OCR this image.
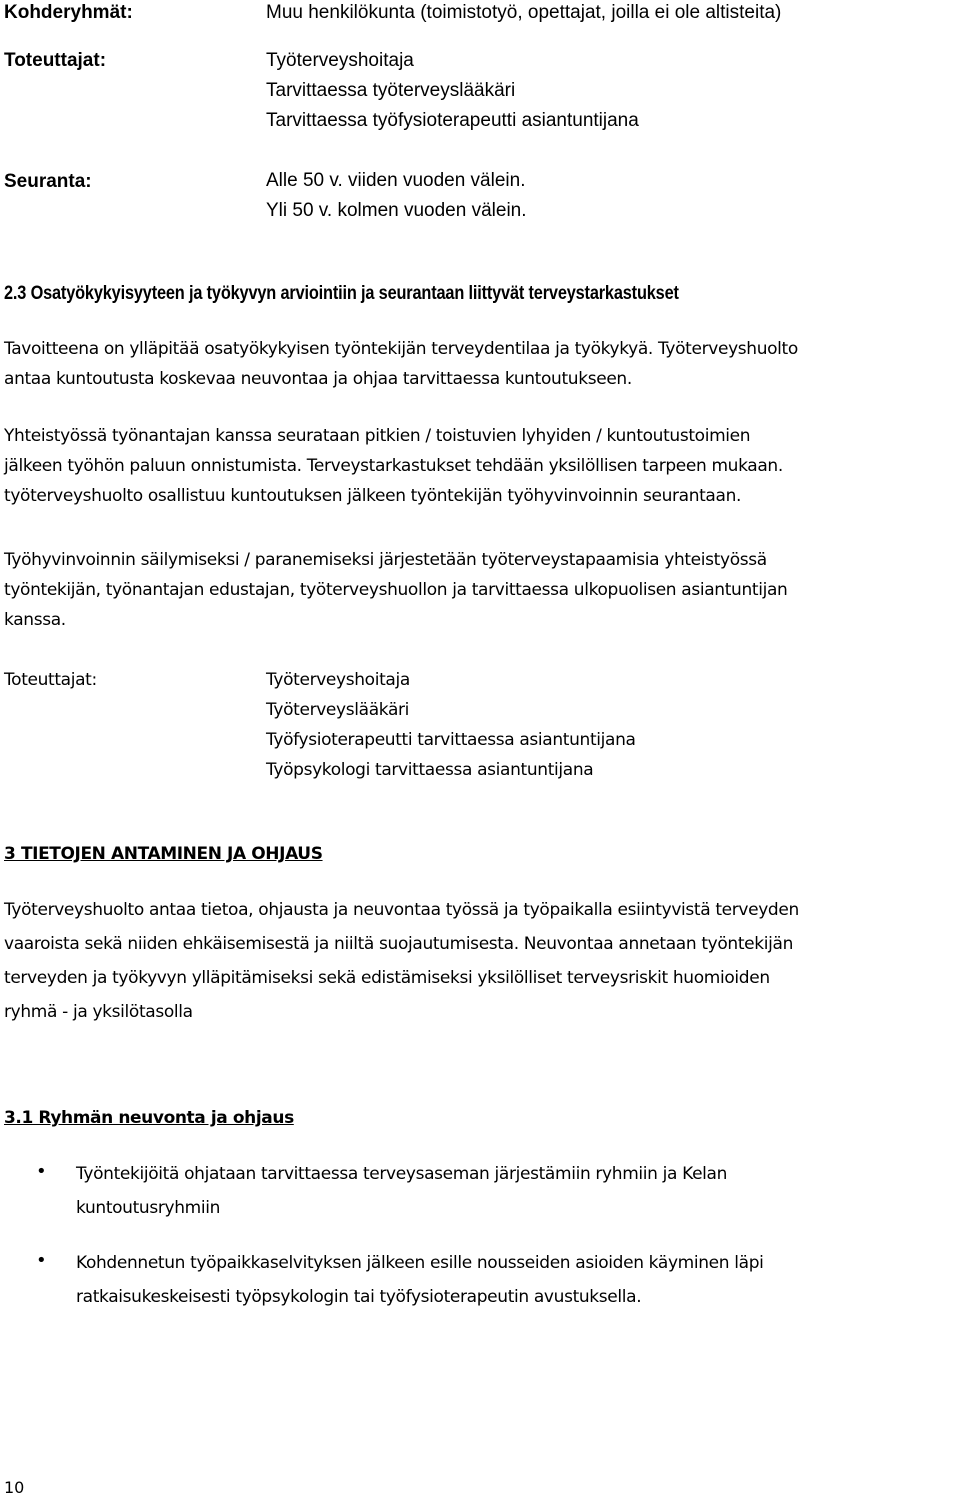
Kohderyhmät:	Muu henkilökunta (toimistotyö, opettajat, joilla ei ole altisteita)
Toteuttajat:	Työterveyshoitaja
Tarvittaessa työterveyslääkäri
Tarvittaessa työfysioterapeutti asiantuntijana
Seuranta:	Alle 50 v. viiden vuoden välein.
Yli 50 v. kolmen vuoden välein.
2.3 Osatyökykyisyyteen ja työkyvyn arviointiin ja seurantaan liittyvät terveystarkastukset
Tavoitteena on ylläpitää osatyökykyisen työntekijän terveydentilaa ja työkykyä. Työterveyshuolto
antaa kuntoutusta koskevaa neuvontaa ja ohjaa tarvittaessa kuntoutukseen.
Yhteistyössä työnantajan kanssa seurataan pitkien / toistuvien lyhyiden / kuntoutustoimien
jälkeen työhön paluun onnistumista. Terveystarkastukset tehdään yksilöllisen tarpeen mukaan.
työterveyshuolto osallistuu kuntoutuksen jälkeen työntekijän työhyvinvoinnin seurantaan.
Työhyvinvoinnin säilymiseksi / paranemiseksi järjestetään työterveystapaamisia yhteistyössä
työntekijän, työnantajan edustajan, työterveyshuollon ja tarvittaessa ulkopuolisen asiantuntijan
kanssa.
Toteuttajat:	Työterveyshoitaja
Työterveyslääkäri
Työfysioterapeutti tarvittaessa asiantuntijana
Työpsykologi tarvittaessa asiantuntijana
3 TIETOJEN ANTAMINEN JA OHJAUS
Työterveyshuolto antaa tietoa, ohjausta ja neuvontaa työssä ja työpaikalla esiintyvistä terveyden
vaaroista sekä niiden ehkäisemisestä ja niiltä suojautumisesta. Neuvontaa annetaan työntekijän
terveyden ja työkyvyn ylläpitämiseksi sekä edistämiseksi yksilölliset terveysriskit huomioiden
ryhmä - ja yksilötasolla
3.1 Ryhmän neuvonta ja ohjaus
• Työntekijöitä ohjataan tarvittaessa terveysaseman järjestämiin ryhmiin ja Kelan
kuntoutusryhmiin
• Kohdennetun työpaikkaselvityksen jälkeen esille nousseiden asioiden käyminen läpi
ratkaisukeskeisesti työpsykologin tai työfysioterapeutin avustuksella.
10
